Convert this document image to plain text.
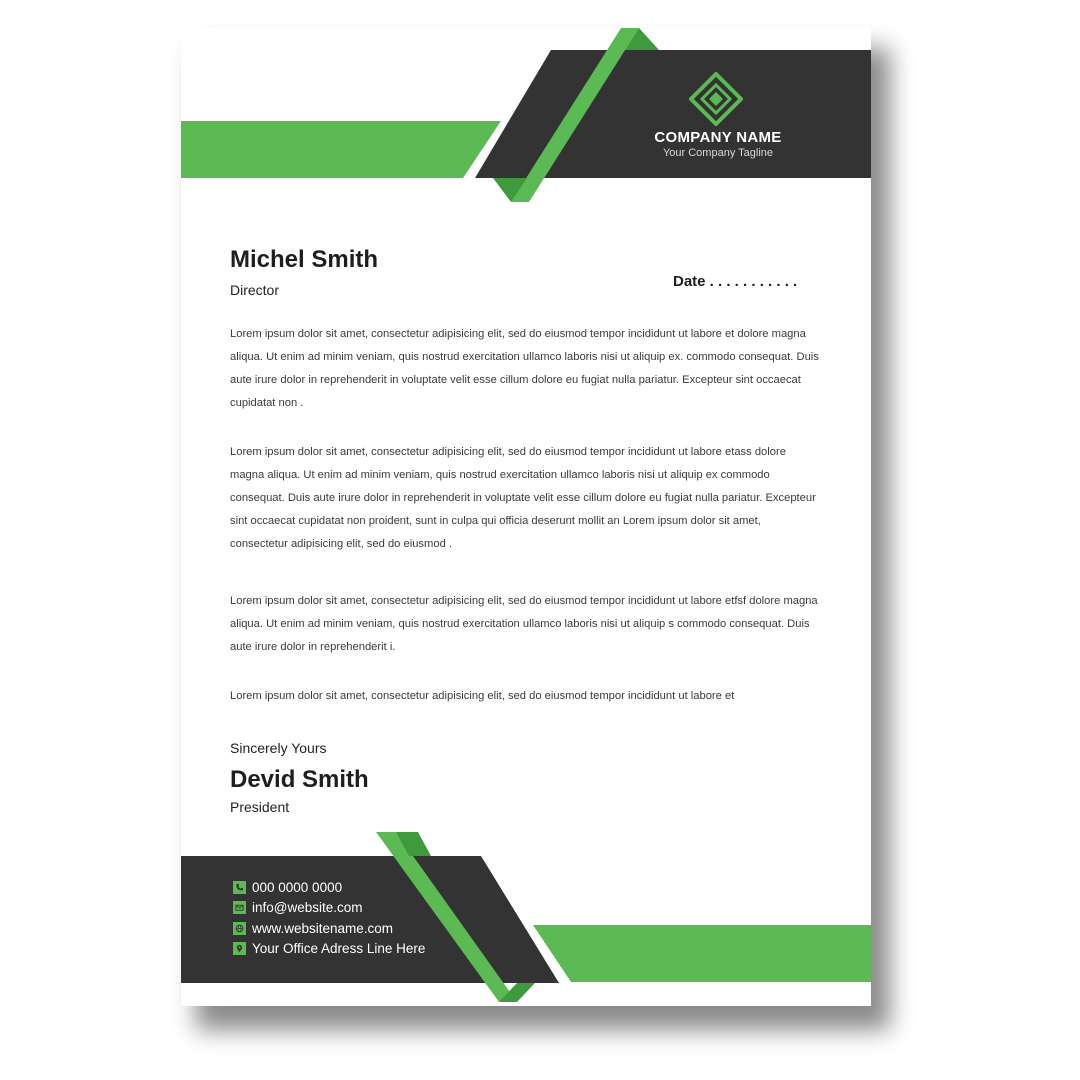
COMPANY NAME
Your Company Tagline
Michel Smith
Director	Date . . . . . . . . . . .

Lorem ipsum dolor sit amet, consectetur adipisicing elit, sed do eiusmod tempor incididunt ut labore et dolore magna aliqua. Ut enim ad minim veniam, quis nostrud exercitation ullamco laboris nisi ut aliquip ex. commodo consequat. Duis aute irure dolor in reprehenderit in voluptate velit esse cillum dolore eu fugiat nulla pariatur. Excepteur sint occaecat cupidatat non .

Lorem ipsum dolor sit amet, consectetur adipisicing elit, sed do eiusmod tempor incididunt ut labore etass dolore magna aliqua. Ut enim ad minim veniam, quis nostrud exercitation ullamco laboris nisi ut aliquip ex commodo consequat. Duis aute irure dolor in reprehenderit in voluptate velit esse cillum dolore eu fugiat nulla pariatur. Excepteur sint occaecat cupidatat non proident, sunt in culpa qui officia deserunt mollit an Lorem ipsum dolor sit amet, consectetur adipisicing elit, sed do eiusmod .

Lorem ipsum dolor sit amet, consectetur adipisicing elit, sed do eiusmod tempor incididunt ut labore etfsf dolore magna aliqua. Ut enim ad minim veniam, quis nostrud exercitation ullamco laboris nisi ut aliquip s commodo consequat. Duis aute irure dolor in reprehenderit i.

Lorem ipsum dolor sit amet, consectetur adipisicing elit, sed do eiusmod tempor incididunt ut labore et

Sincerely Yours
Devid Smith
President
000 0000 0000
info@website.com
www.websitename.com
Your Office Adress Line Here
